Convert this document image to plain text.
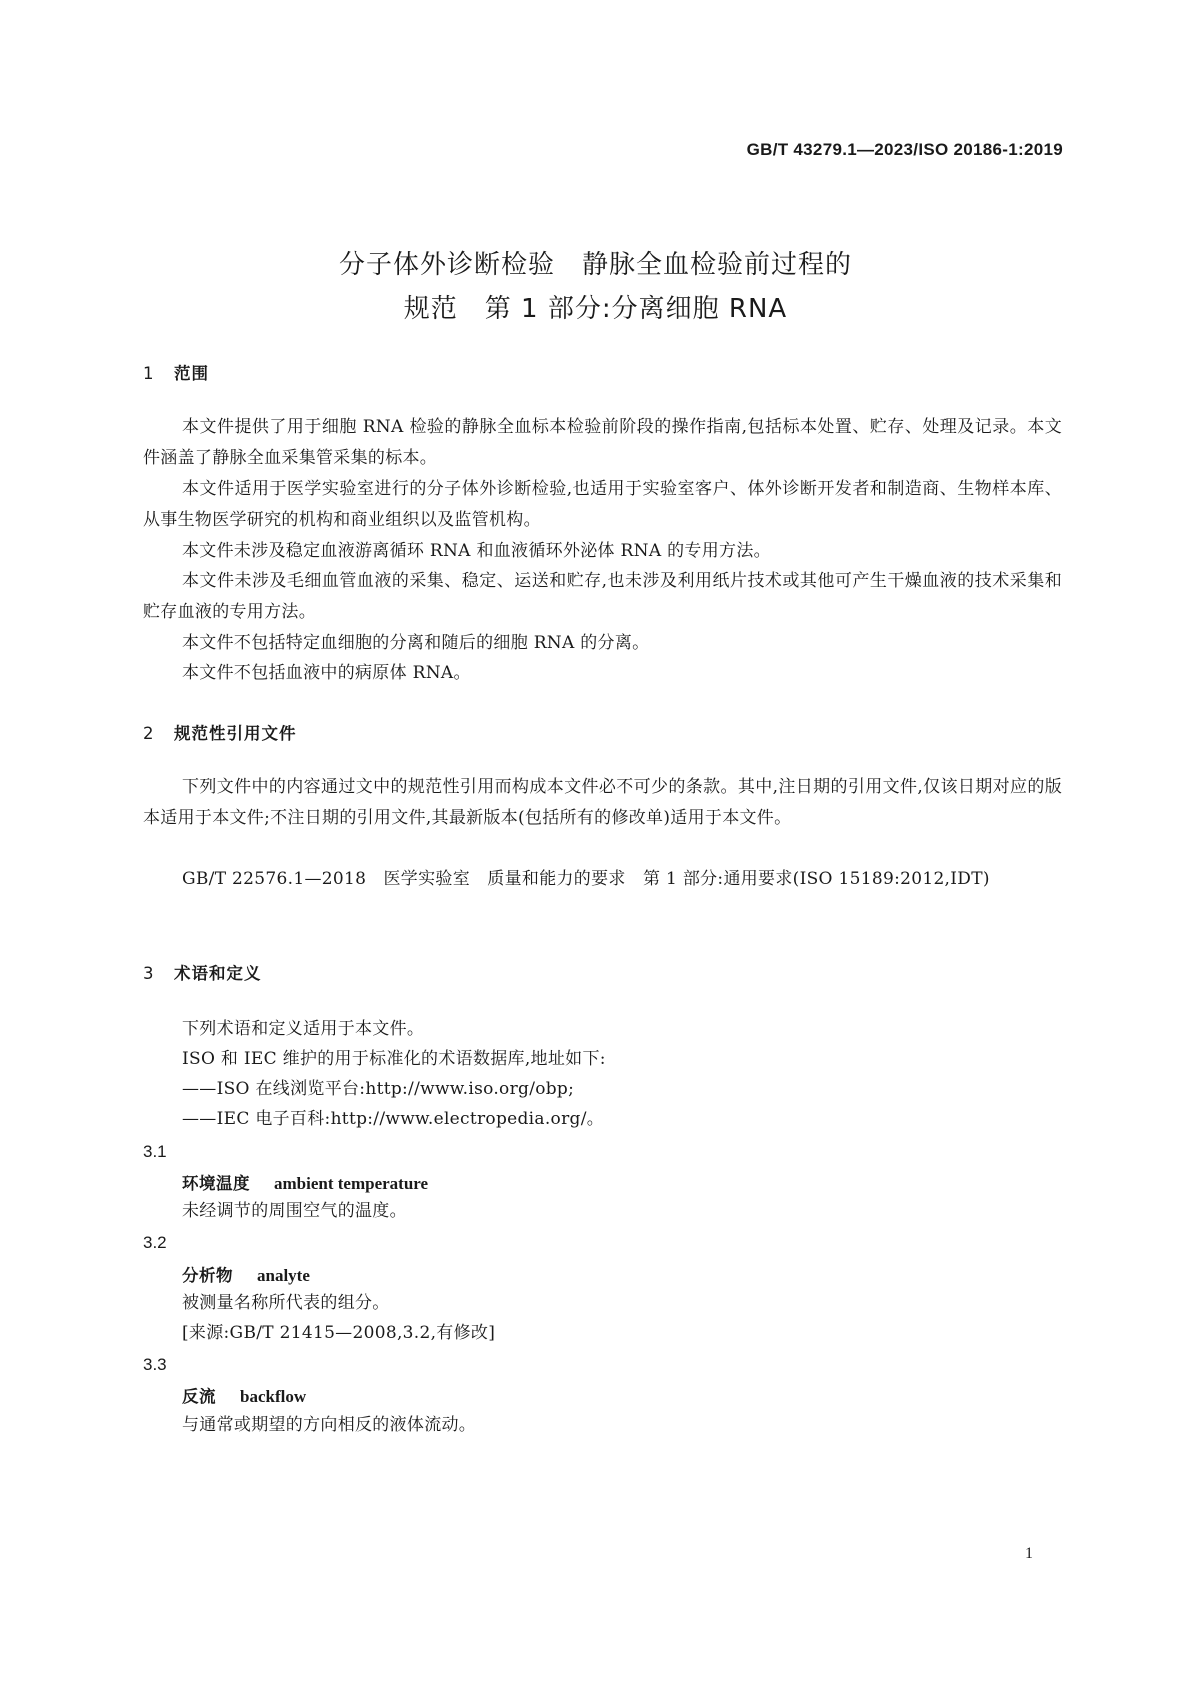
GB/T 43279.1—2023/ISO 20186-1:2019
分子体外诊断检验　静脉全血检验前过程的
规范　第 1 部分:分离细胞 RNA
1 范围
本文件提供了用于细胞 RNA 检验的静脉全血标本检验前阶段的操作指南,包括标本处置、贮存、处理及记录。本文件涵盖了静脉全血采集管采集的标本。
本文件适用于医学实验室进行的分子体外诊断检验,也适用于实验室客户、体外诊断开发者和制造商、生物样本库、从事生物医学研究的机构和商业组织以及监管机构。
本文件未涉及稳定血液游离循环 RNA 和血液循环外泌体 RNA 的专用方法。
本文件未涉及毛细血管血液的采集、稳定、运送和贮存,也未涉及利用纸片技术或其他可产生干燥血液的技术采集和贮存血液的专用方法。
本文件不包括特定血细胞的分离和随后的细胞 RNA 的分离。
本文件不包括血液中的病原体 RNA。
2 规范性引用文件
下列文件中的内容通过文中的规范性引用而构成本文件必不可少的条款。其中,注日期的引用文件,仅该日期对应的版本适用于本文件;不注日期的引用文件,其最新版本(包括所有的修改单)适用于本文件。
GB/T 22576.1—2018　医学实验室　质量和能力的要求　第 1 部分:通用要求(ISO 15189:2012,IDT)
3 术语和定义
下列术语和定义适用于本文件。
ISO 和 IEC 维护的用于标准化的术语数据库,地址如下:
——ISO 在线浏览平台:http://www.iso.org/obp;
——IEC 电子百科:http://www.electropedia.org/。
3.1
环境温度 ambient temperature
未经调节的周围空气的温度。
3.2
分析物 analyte
被测量名称所代表的组分。
[来源:GB/T 21415—2008,3.2,有修改]
3.3
反流 backflow
与通常或期望的方向相反的液体流动。
1
